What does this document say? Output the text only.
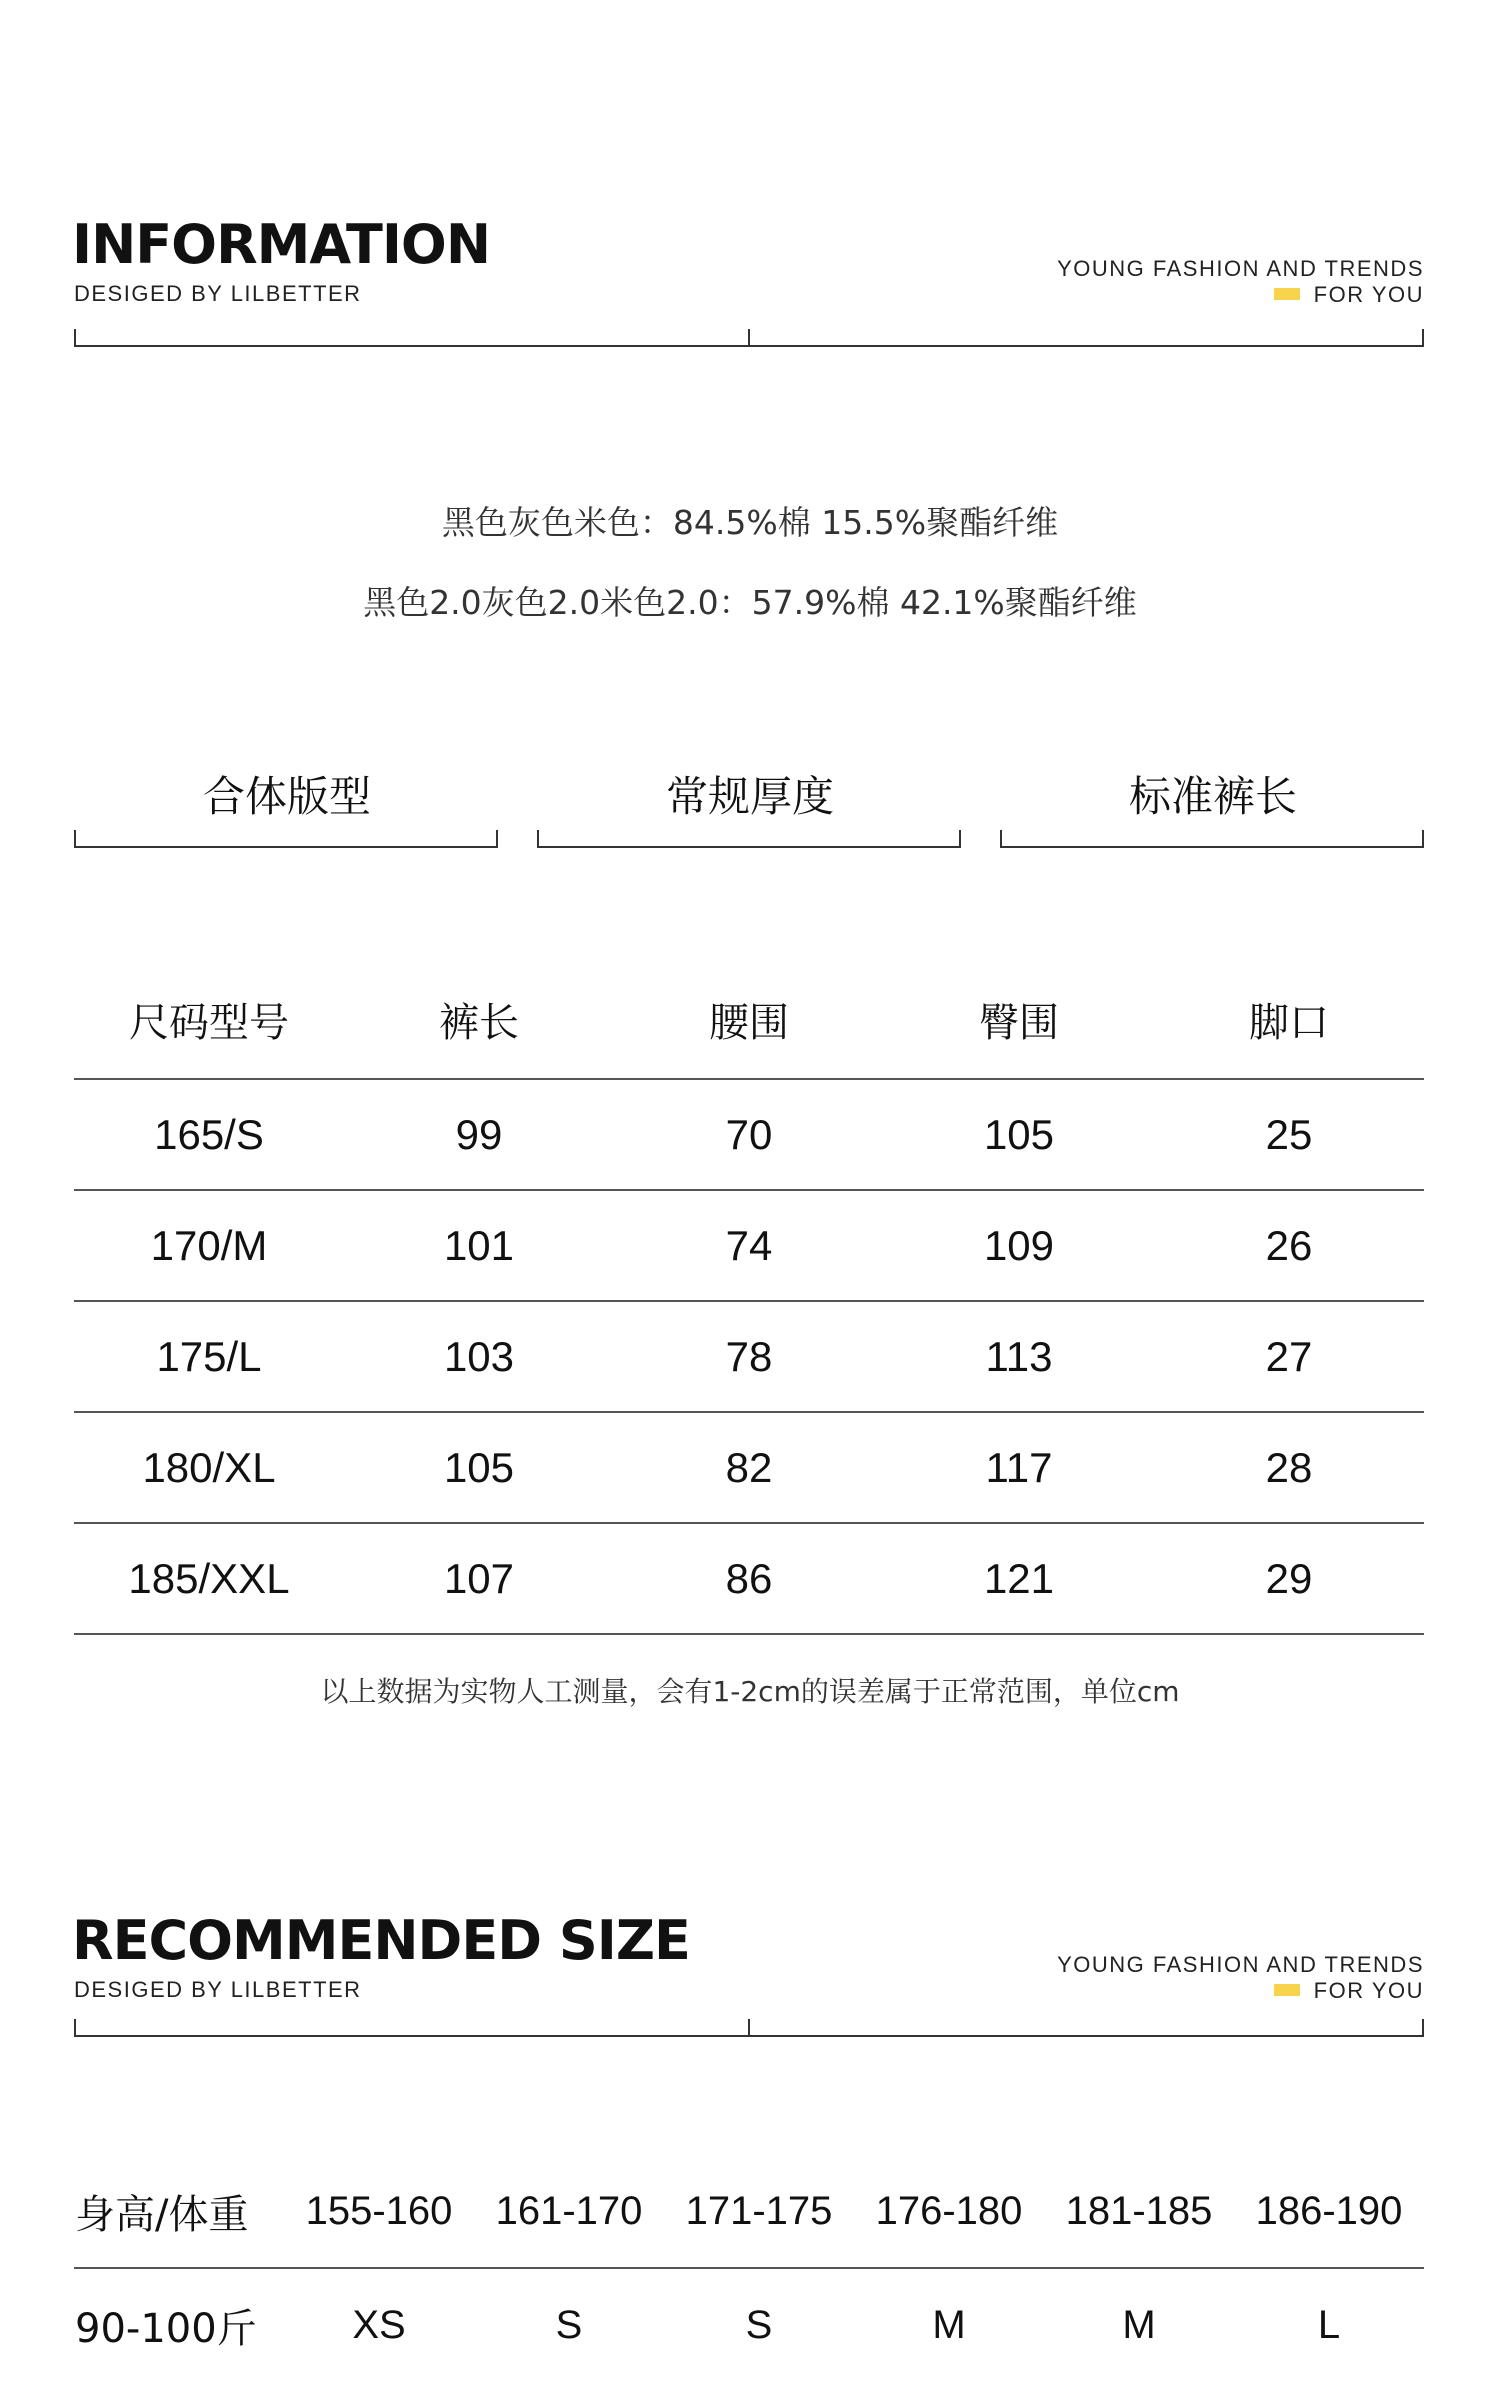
INFORMATION
DESIGED BY LILBETTER
YOUNG FASHION AND TRENDS
FOR YOU
黑色灰色米色：84.5%棉 15.5%聚酯纤维
黑色2.0灰色2.0米色2.0：57.9%棉 42.1%聚酯纤维
合体版型	常规厚度	标准裤长
尺码型号	裤长	腰围	臀围	脚口
165/S	99	70	105	25
170/M	101	74	109	26
175/L	103	78	113	27
180/XL	105	82	117	28
185/XXL	107	86	121	29
以上数据为实物人工测量，会有1-2cm的误差属于正常范围，单位cm
RECOMMENDED SIZE
DESIGED BY LILBETTER
YOUNG FASHION AND TRENDS
FOR YOU
身高/体重	155-160	161-170	171-175	176-180	181-185	186-190
90-100斤	XS	S	S	M	M	L
